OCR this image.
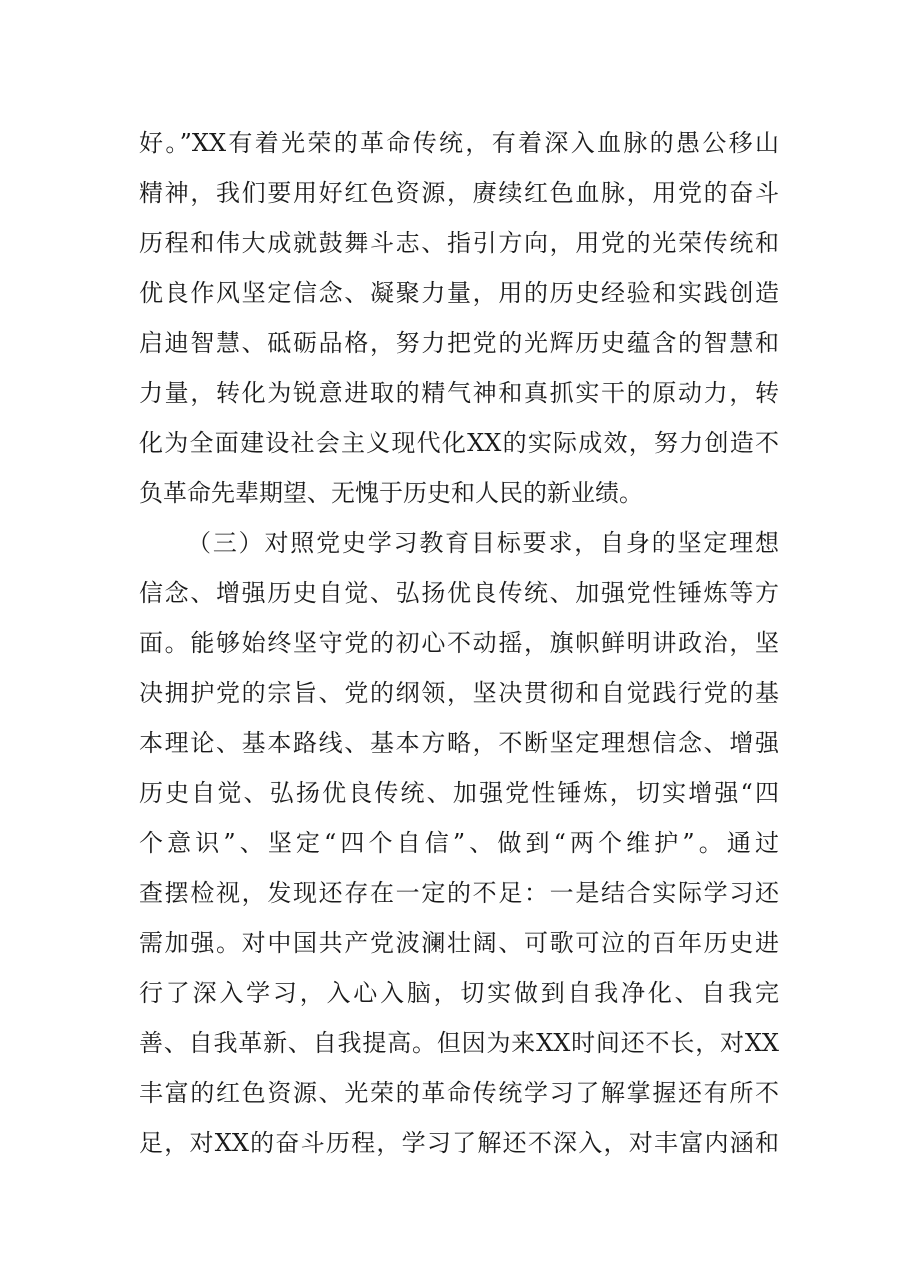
好。”XX有着光荣的革命传统，有着深入血脉的愚公移山
精神，我们要用好红色资源，赓续红色血脉，用党的奋斗
历程和伟大成就鼓舞斗志、指引方向，用党的光荣传统和
优良作风坚定信念、凝聚力量，用的历史经验和实践创造
启迪智慧、砥砺品格，努力把党的光辉历史蕴含的智慧和
力量，转化为锐意进取的精气神和真抓实干的原动力，转
化为全面建设社会主义现代化XX的实际成效，努力创造不
负革命先辈期望、无愧于历史和人民的新业绩。
（三）对照党史学习教育目标要求，自身的坚定理想
信念、增强历史自觉、弘扬优良传统、加强党性锤炼等方
面。能够始终坚守党的初心不动摇，旗帜鲜明讲政治，坚
决拥护党的宗旨、党的纲领，坚决贯彻和自觉践行党的基
本理论、基本路线、基本方略，不断坚定理想信念、增强
历史自觉、弘扬优良传统、加强党性锤炼，切实增强“四
个意识”、坚定“四个自信”、做到“两个维护”。通过
查摆检视，发现还存在一定的不足：一是结合实际学习还
需加强。对中国共产党波澜壮阔、可歌可泣的百年历史进
行了深入学习，入心入脑，切实做到自我净化、自我完
善、自我革新、自我提高。但因为来XX时间还不长，对XX
丰富的红色资源、光荣的革命传统学习了解掌握还有所不
足，对XX的奋斗历程，学习了解还不深入，对丰富内涵和
